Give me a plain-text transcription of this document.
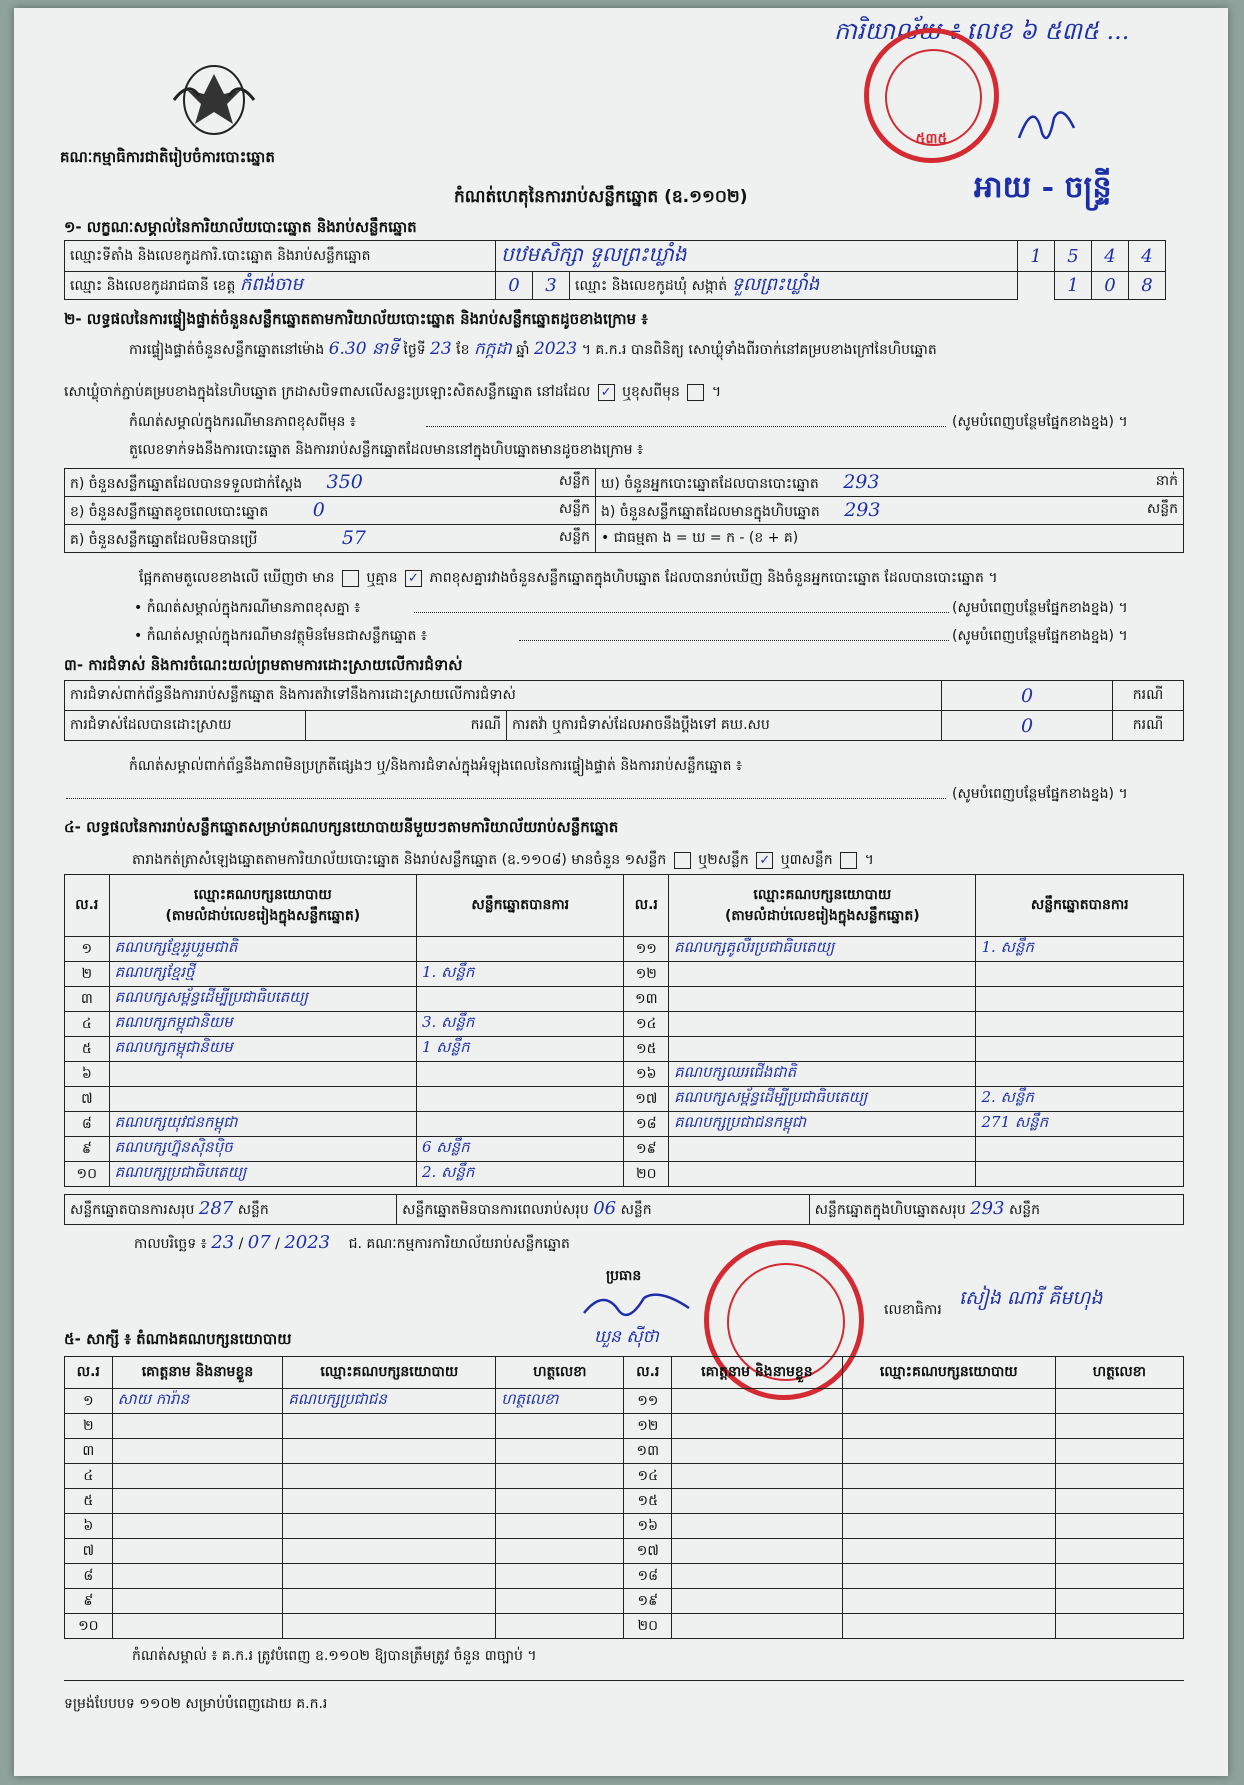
គណៈកម្មាធិការជាតិរៀបចំការបោះឆ្នោត
ការិយាល័យ ៖ លេខ ៦ ៥៣៥ ...
៥៣៥
អាយ - ចន្ទ្រី
កំណត់ហេតុនៃការរាប់សន្លឹកឆ្នោត (ឧ.១១០២)
១- លក្ខណៈសម្គាល់នៃការិយាល័យបោះឆ្នោត និងរាប់សន្លឹកឆ្នោត
ឈ្មោះទីតាំង និងលេខកូដការិ.បោះឆ្នោត និងរាប់សន្លឹកឆ្នោត	បឋមសិក្សា ទួលព្រះឃ្លាំង			1	5	4	4
ឈ្មោះ និងលេខកូដរាជធានី ខេត្ត កំពង់ចាម	0	3	ឈ្មោះ និងលេខកូដឃុំ សង្កាត់ ទួលព្រះឃ្លាំង		1	0	8
២- លទ្ធផលនៃការផ្ទៀងផ្ទាត់ចំនួនសន្លឹកឆ្នោតតាមការិយាល័យបោះឆ្នោត និងរាប់សន្លឹកឆ្នោតដូចខាងក្រោម ៖
ការផ្ទៀងផ្ទាត់ចំនួនសន្លឹកឆ្នោតនៅម៉ោង 6.30 នាទី ថ្ងៃទី 23 ខែ កក្កដា ឆ្នាំ 2023 ។ គ.ក.រ បានពិនិត្យ សោឃ្លុំទាំងពីរចាក់នៅគម្របខាងក្រៅនៃហិបឆ្នោត
សោឃ្លុំចាក់ភ្ជាប់គម្របខាងក្នុងនៃហិបឆ្នោត ក្រដាសបិទពាសលើសន្លះប្រឡោះសិតសន្លឹកឆ្នោត នៅដដែល ✓ ឬខុសពីមុន ។
កំណត់សម្គាល់ក្នុងករណីមានភាពខុសពីមុន ៖	(សូមបំពេញបន្ថែមផ្នែកខាងខ្នង) ។
តួលេខទាក់ទងនឹងការបោះឆ្នោត និងការរាប់សន្លឹកឆ្នោតដែលមាននៅក្នុងហិបឆ្នោតមានដូចខាងក្រោម ៖
ក) ចំនួនសន្លឹកឆ្នោតដែលបានទទួលជាក់ស្តែង 350 សន្លឹក	ឃ) ចំនួនអ្នកបោះឆ្នោតដែលបានបោះឆ្នោត 293 នាក់

ខ) ចំនួនសន្លឹកឆ្នោតខូចពេលបោះឆ្នោត 0 សន្លឹក	ង) ចំនួនសន្លឹកឆ្នោតដែលមានក្នុងហិបឆ្នោត 293 សន្លឹក

គ) ចំនួនសន្លឹកឆ្នោតដែលមិនបានប្រើ 57 សន្លឹក	• ជាធម្មតា ង = ឃ = ក - (ខ + គ)
ផ្អែកតាមតួលេខខាងលើ ឃើញថា មាន ឬគ្មាន ✓ ភាពខុសគ្នារវាងចំនួនសន្លឹកឆ្នោតក្នុងហិបឆ្នោត ដែលបានរាប់ឃើញ និងចំនួនអ្នកបោះឆ្នោត ដែលបានបោះឆ្នោត ។
• កំណត់សម្គាល់ក្នុងករណីមានភាពខុសគ្នា ៖	(សូមបំពេញបន្ថែមផ្នែកខាងខ្នង) ។
• កំណត់សម្គាល់ក្នុងករណីមានវត្ថុមិនមែនជាសន្លឹកឆ្នោត ៖	(សូមបំពេញបន្ថែមផ្នែកខាងខ្នង) ។
៣- ការជំទាស់ និងការចំណេះយល់ព្រមតាមការដោះស្រាយលើការជំទាស់
ការជំទាស់ពាក់ព័ន្ធនឹងការរាប់សន្លឹកឆ្នោត និងការតវ៉ាទៅនឹងការដោះស្រាយលើការជំទាស់			0	ករណី
ការជំទាស់ដែលបានដោះស្រាយ	ករណី	ការតវ៉ា ឬការជំទាស់ដែលអាចនឹងប្តឹងទៅ គឃ.សប	0	ករណី
កំណត់សម្គាល់ពាក់ព័ន្ធនឹងភាពមិនប្រក្រតីផ្សេងៗ ឬ/និងការជំទាស់ក្នុងអំឡុងពេលនៃការផ្ទៀងផ្ទាត់ និងការរាប់សន្លឹកឆ្នោត ៖
(សូមបំពេញបន្ថែមផ្នែកខាងខ្នង) ។
៤- លទ្ធផលនៃការរាប់សន្លឹកឆ្នោតសម្រាប់គណបក្សនយោបាយនីមួយៗតាមការិយាល័យរាប់សន្លឹកឆ្នោត
តារាងកត់ត្រាសំឡេងឆ្នោតតាមការិយាល័យបោះឆ្នោត និងរាប់សន្លឹកឆ្នោត (ឧ.១១០៨) មានចំនួន ១សន្លឹក ឬ២សន្លឹក ✓ ឬ៣សន្លឹក ។
ល.រ	ឈ្មោះគណបក្សនយោបាយ
(តាមលំដាប់លេខរៀងក្នុងសន្លឹកឆ្នោត)	សន្លឹកឆ្នោតបានការ	ល.រ	ឈ្មោះគណបក្សនយោបាយ
(តាមលំដាប់លេខរៀងក្នុងសន្លឹកឆ្នោត)	សន្លឹកឆ្នោតបានការ
១	គណបក្សខ្មែររួបរួមជាតិ		១១	គណបក្សគូលឺរប្រជាធិបតេយ្យ	1. សន្លឹក
២	គណបក្សខ្មែរថ្មី	1. សន្លឹក	១២		
៣	គណបក្សសម្ព័ន្ធដើម្បីប្រជាធិបតេយ្យ		១៣		
៤	គណបក្សកម្ពុជានិយម	3. សន្លឹក	១៤		
៥	គណបក្សកម្ពុជានិយម	1 សន្លឹក	១៥		
៦			១៦	គណបក្សឈរជើងជាតិ	
៧			១៧	គណបក្សសម្ព័ន្ធដើម្បីប្រជាធិបតេយ្យ	2. សន្លឹក
៨	គណបក្សយុវជនកម្ពុជា		១៨	គណបក្សប្រជាជនកម្ពុជា	271 សន្លឹក
៩	គណបក្សហ្វ៊ុនស៊ិនប៉ិច	6 សន្លឹក	១៩		
១០	គណបក្សប្រជាធិបតេយ្យ	2. សន្លឹក	២០		
សន្លឹកឆ្នោតបានការសរុប 287 សន្លឹក	សន្លឹកឆ្នោតមិនបានការពេលរាប់សរុប 06 សន្លឹក	សន្លឹកឆ្នោតក្នុងហិបឆ្នោតសរុប 293 សន្លឹក
កាលបរិច្ឆេទ ៖ 23 / 07 / 2023 ជ. គណៈកម្មការការិយាល័យរាប់សន្លឹកឆ្នោត
ប្រធាន
ឃួន ស៊ីថា
លេខាធិការ
សៀង ណារី គីមហុង
៥- សាក្សី ៖ តំណាងគណបក្សនយោបាយ
ល.រ	គោត្តនាម និងនាមខ្លួន	ឈ្មោះគណបក្សនយោបាយ	ហត្ថលេខា	ល.រ	គោត្តនាម និងនាមខ្លួន	ឈ្មោះគណបក្សនយោបាយ	ហត្ថលេខា
១	សាយ ការ៉ាន	គណបក្សប្រជាជន	ហត្ថលេខា	១១			
២				១២			
៣				១៣			
៤				១៤			
៥				១៥			
៦				១៦			
៧				១៧			
៨				១៨			
៩				១៩			
១០				២០			
កំណត់សម្គាល់ ៖ គ.ក.រ ត្រូវបំពេញ ឧ.១១០២ ឱ្យបានត្រឹមត្រូវ ចំនួន ៣ច្បាប់ ។
ទម្រង់បែបបទ ១១០២ សម្រាប់បំពេញដោយ គ.ក.រ
